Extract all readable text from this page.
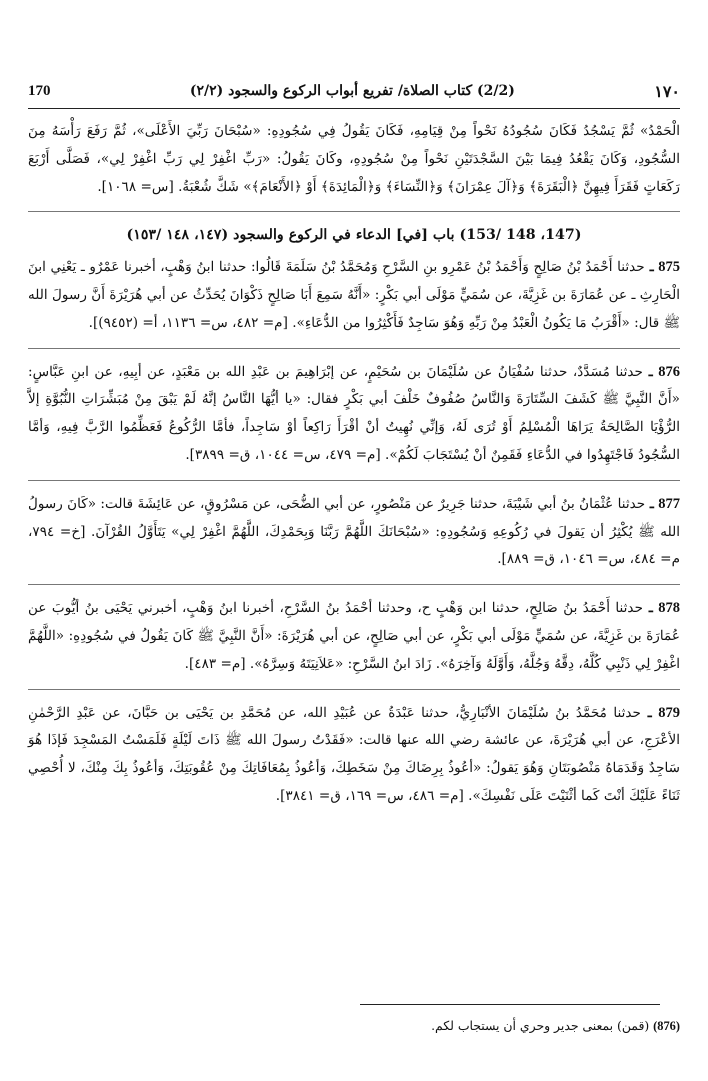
170	(2/2) كتاب الصلاة/ تفريع أبواب الركوع والسجود (٢/٢)	١٧٠

الْحَمْدُ» ثُمَّ يَسْجُدُ فَكَانَ سُجُودُهُ نَحْواً مِنْ قِيَامِهِ، فَكَانَ يَقُولُ فِي سُجُودِهِ: «سُبْحَانَ رَبِّيَ الأَعْلَى»، ثُمَّ رَفَعَ رَأْسَهُ مِنَ السُّجُودِ، وَكَانَ يَقْعُدُ فِيمَا بَيْنَ السَّجْدَتَيْنِ نَحْواً مِنْ سُجُودِهِ، وكَانَ يَقُولُ: «رَبِّ اغْفِرْ لِي رَبِّ اغْفِرْ لِي»، فَصَلَّى أَرْبَعَ رَكَعَاتٍ فَقَرَأَ فِيهِنَّ ﴿الْبَقَرَةَ﴾ وَ﴿آلَ عِمْرَانَ﴾ وَ﴿النِّسَاءَ﴾ وَ﴿الْمَائِدَةَ﴾ أَوْ ﴿الأَنْعَامَ﴾» شَكَّ شُعْبَةُ. [س= ١٠٦٨].

(147، 148 /153) باب [في] الدعاء في الركوع والسجود (١٤٧، ١٤٨ /١٥٣)

875 ـ حدثنا أَحْمَدُ بْنُ صَالِحٍ وَأَحْمَدُ بْنُ عَمْرِو بنِ السَّرْحِ وَمُحَمَّدُ بْنُ سَلَمَةَ قَالُوا: حدثنا ابنُ وَهْبٍ، أخبرنا عَمْرٌو ـ يَعْنِي ابنَ الْحَارِثِ ـ عن عُمَارَةَ بن غَزِيَّةَ، عن سُمَيٍّ مَوْلَى أبي بَكْرٍ: «أَنَّهُ سَمِعَ أَبَا صَالِحٍ ذَكْوَانَ يُحَدِّثُ عن أبي هُرَيْرَةَ أَنَّ رسولَ الله ﷺ قال: «أَقْرَبُ مَا يَكُونُ الْعَبْدُ مِنْ رَبِّهِ وَهُوَ سَاجِدٌ فَأَكْثِرُوا من الدُّعَاءِ». [م= ٤٨٢، س= ١١٣٦، أ= (٩٤٥٢)].

876 ـ حدثنا مُسَدَّدٌ، حدثنا سُفْيَانُ عن سُلَيْمَانَ بن سُحَيْمٍ، عن إبْرَاهِيمَ بن عَبْدِ الله بن مَعْبَدٍ، عن أبِيهِ، عن ابنِ عَبَّاسٍ: «أَنَّ النَّبِيَّ ﷺ كَشَفَ السِّتَارَةَ وَالنَّاسُ صُفُوفٌ خَلْفَ أبي بَكْرٍ فقال: «يا أيُّهَا النَّاسُ إنَّهُ لَمْ يَبْقَ مِنْ مُبَشِّرَاتِ النُّبُوَّةِ إلاَّ الرُّؤْيَا الصَّالِحَةُ يَرَاهَا الْمُسْلِمُ أَوْ تُرَى لَهُ، وَإنِّي نُهِيتُ أنْ أقْرَأَ رَاكِعاً أوْ سَاجِداً، فأمَّا الرُّكُوعُ فَعَظِّمُوا الرَّبَّ فِيهِ، وَأمَّا السُّجُودُ فَاجْتَهِدُوا في الدُّعَاءِ فَقَمِنٌ أنْ يُسْتَجَابَ لَكُمْ». [م= ٤٧٩، س= ١٠٤٤، ق= ٣٨٩٩].

877 ـ حدثنا عُثْمَانُ بنُ أبي شَيْبَةَ، حدثنا جَرِيرٌ عن مَنْصُورٍ، عن أبي الضُّحَى، عن مَسْرُوقٍ، عن عَائِشَةَ قالت: «كَانَ رسولُ الله ﷺ يُكْثِرُ أن يَقولَ في رُكُوعِهِ وَسُجُودِهِ: «سُبْحَانَكَ اللَّهُمَّ رَبَّنَا وَبِحَمْدِكَ، اللَّهُمَّ اغْفِرْ لِي» يَتَأَوَّلُ القُرْآنَ. [خ= ٧٩٤، م= ٤٨٤، س= ١٠٤٦، ق= ٨٨٩].

878 ـ حدثنا أَحْمَدُ بنُ صَالِحٍ، حدثنا ابن وَهْبٍ ح، وحدثنا أحْمَدُ بنُ السَّرْحِ، أخبرنا ابنُ وَهْبٍ، أخبرني يَحْيَى بنُ أيُّوبَ عن عُمَارَةَ بن غَزِيَّةَ، عن سُمَيٍّ مَوْلَى أبي بَكْرٍ، عن أبي صَالِحٍ، عن أبي هُرَيْرَةَ: «أَنَّ النَّبِيَّ ﷺ كَانَ يَقُولُ في سُجُودِهِ: «اللَّهُمَّ اغْفِرْ لِي ذَنْبِي كُلَّهُ، دِقَّهُ وَجُلَّهُ، وَأَوَّلَهُ وَآخِرَهُ». زَادَ ابنُ السَّرْحِ: «عَلاَنِيَتَهُ وَسِرَّهُ». [م= ٤٨٣].

879 ـ حدثنا مُحَمَّدُ بنُ سُلَيْمَانَ الأنْبَارِيُّ، حدثنا عَبْدَةُ عن عُبَيْدِ الله، عن مُحَمَّدِ بن يَحْيَى بن حَبَّانَ، عن عَبْدِ الرَّحْمٰنِ الأعْرَجِ، عن أبي هُرَيْرَةَ، عن عائشة رضي الله عنها قالت: «فَقَدْتُ رسولَ الله ﷺ ذَاتَ لَيْلَةٍ فَلَمَسْتُ المَسْجِدَ فَإذَا هُوَ سَاجِدٌ وَقَدَمَاهُ مَنْصُوبَتَانِ وَهُوَ يَقولُ: «أعُوذُ بِرِضَاكَ مِنْ سَخَطِكَ، وَأعُوذُ بِمُعَافَاتِكَ مِنْ عُقُوبَتِكَ، وَأعُوذُ بِكَ مِنْكَ، لا أُحْصِي ثَنَاءً عَلَيْكَ أنْتَ كَما أثْنَيْتَ عَلَى نَفْسِكَ». [م= ٤٨٦، س= ١٦٩، ق= ٣٨٤١].

(876) (قمن) بمعنى جدير وحري أن يستجاب لكم.
